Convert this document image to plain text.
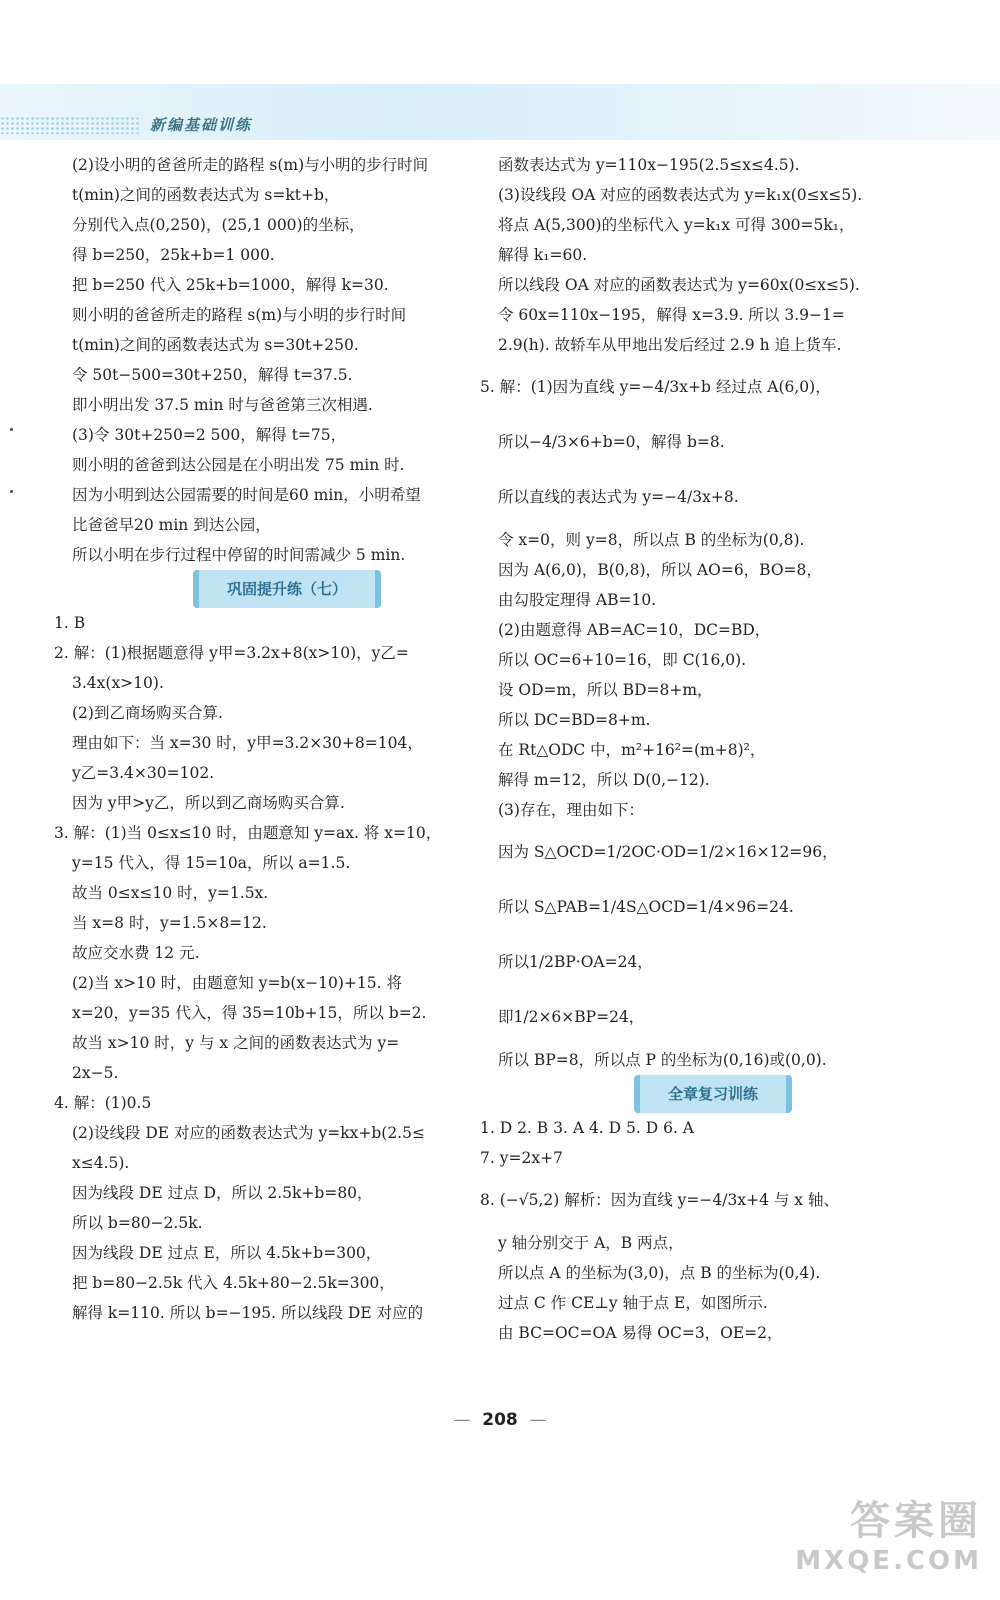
新编基础训练
(2)设小明的爸爸所走的路程 s(m)与小明的步行时间
t(min)之间的函数表达式为 s=kt+b，
分别代入点(0,250)，(25,1 000)的坐标，
得 b=250，25k+b=1 000.
把 b=250 代入 25k+b=1000，解得 k=30.
则小明的爸爸所走的路程 s(m)与小明的步行时间
t(min)之间的函数表达式为 s=30t+250.
令 50t−500=30t+250，解得 t=37.5.
即小明出发 37.5 min 时与爸爸第三次相遇.
(3)令 30t+250=2 500，解得 t=75，
则小明的爸爸到达公园是在小明出发 75 min 时.
因为小明到达公园需要的时间是60 min，小明希望
比爸爸早20 min 到达公园，
所以小明在步行过程中停留的时间需减少 5 min.
巩固提升练（七）
1. B
2. 解：(1)根据题意得 y甲=3.2x+8(x>10)，y乙=
3.4x(x>10).
(2)到乙商场购买合算.
理由如下：当 x=30 时，y甲=3.2×30+8=104，
y乙=3.4×30=102.
因为 y甲>y乙，所以到乙商场购买合算.
3. 解：(1)当 0≤x≤10 时，由题意知 y=ax. 将 x=10，
y=15 代入，得 15=10a，所以 a=1.5.
故当 0≤x≤10 时，y=1.5x.
当 x=8 时，y=1.5×8=12.
故应交水费 12 元.
(2)当 x>10 时，由题意知 y=b(x−10)+15. 将
x=20，y=35 代入，得 35=10b+15，所以 b=2.
故当 x>10 时，y 与 x 之间的函数表达式为 y=
2x−5.
4. 解：(1)0.5
(2)设线段 DE 对应的函数表达式为 y=kx+b(2.5≤
x≤4.5).
因为线段 DE 过点 D，所以 2.5k+b=80，
所以 b=80−2.5k.
因为线段 DE 过点 E，所以 4.5k+b=300，
把 b=80−2.5k 代入 4.5k+80−2.5k=300，
解得 k=110. 所以 b=−195. 所以线段 DE 对应的
函数表达式为 y=110x−195(2.5≤x≤4.5).
(3)设线段 OA 对应的函数表达式为 y=k₁x(0≤x≤5).
将点 A(5,300)的坐标代入 y=k₁x 可得 300=5k₁，
解得 k₁=60.
所以线段 OA 对应的函数表达式为 y=60x(0≤x≤5).
令 60x=110x−195，解得 x=3.9. 所以 3.9−1=
2.9(h). 故轿车从甲地出发后经过 2.9 h 追上货车.
5. 解：(1)因为直线 y=−4/3x+b 经过点 A(6,0)，
所以−4/3×6+b=0，解得 b=8.
所以直线的表达式为 y=−4/3x+8.
令 x=0，则 y=8，所以点 B 的坐标为(0,8).
因为 A(6,0)，B(0,8)，所以 AO=6，BO=8，
由勾股定理得 AB=10.
(2)由题意得 AB=AC=10，DC=BD，
所以 OC=6+10=16，即 C(16,0).
设 OD=m，所以 BD=8+m，
所以 DC=BD=8+m.
在 Rt△ODC 中，m²+16²=(m+8)²，
解得 m=12，所以 D(0,−12).
(3)存在，理由如下：
因为 S△OCD=1/2OC·OD=1/2×16×12=96，
所以 S△PAB=1/4S△OCD=1/4×96=24.
所以1/2BP·OA=24，
即1/2×6×BP=24，
所以 BP=8，所以点 P 的坐标为(0,16)或(0,0).
全章复习训练
1. D 2. B 3. A 4. D 5. D 6. A
7. y=2x+7
8. (−√5,2) 解析：因为直线 y=−4/3x+4 与 x 轴、
y 轴分别交于 A，B 两点，
所以点 A 的坐标为(3,0)，点 B 的坐标为(0,4).
过点 C 作 CE⊥y 轴于点 E，如图所示.
由 BC=OC=OA 易得 OC=3，OE=2，
— 208 —
答案圈
MXQE.COM
